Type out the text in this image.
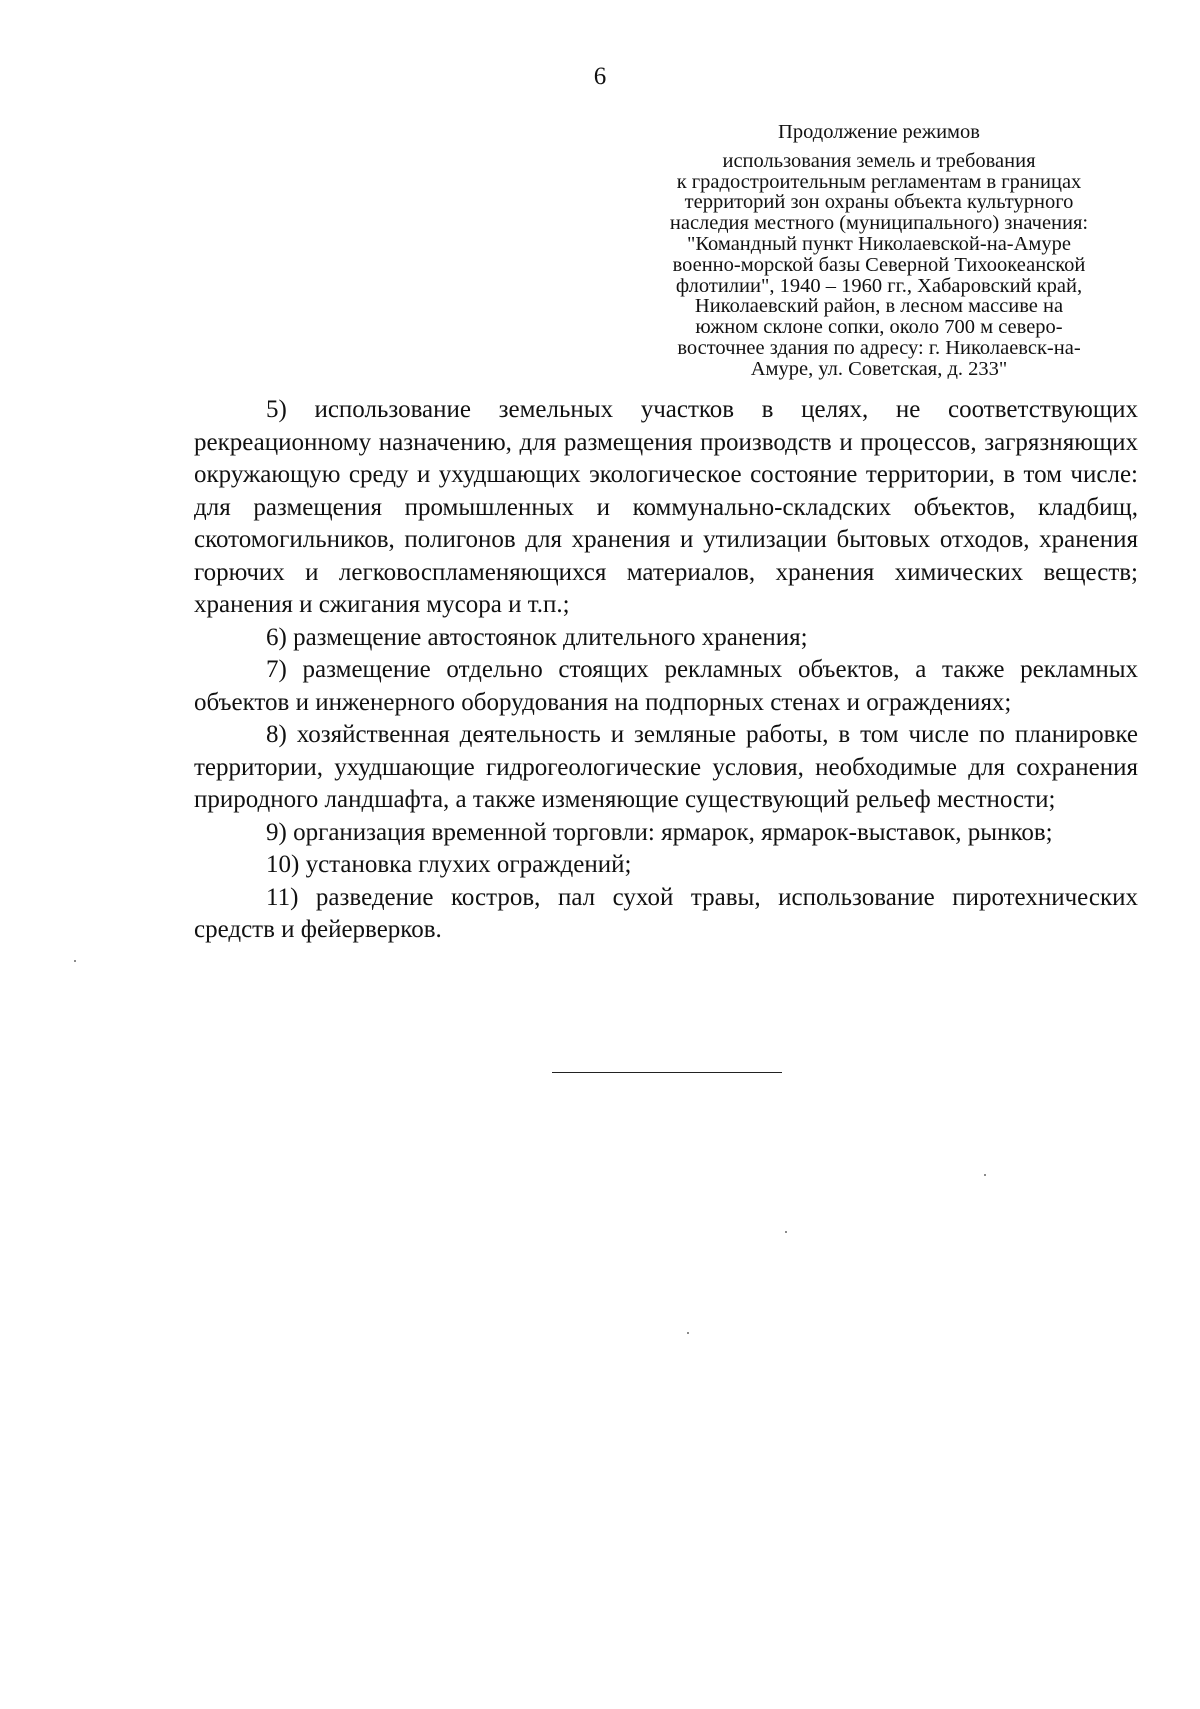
6
Продолжение режимов
использования земель и требования
к градостроительным регламентам в границах
территорий зон охраны объекта культурного
наследия местного (муниципального) значения:
"Командный пункт Николаевской-на-Амуре
военно-морской базы Северной Тихоокеанской
флотилии", 1940 – 1960 гг., Хабаровский край,
Николаевский район, в лесном массиве на
южном склоне сопки, около 700 м северо-
восточнее здания по адресу: г. Николаевск-на-
Амуре, ул. Советская, д. 233"

5) использование земельных участков в целях, не соответствующих рекреационному назначению, для размещения производств и процессов, загрязняющих окружающую среду и ухудшающих экологическое состояние территории, в том числе: для размещения промышленных и коммунально-складских объектов, кладбищ, скотомогильников, полигонов для хранения и утилизации бытовых отходов, хранения горючих и легковоспламеняющихся материалов, хранения химических веществ; хранения и сжигания мусора и т.п.;

6) размещение автостоянок длительного хранения;

7) размещение отдельно стоящих рекламных объектов, а также рекламных объектов и инженерного оборудования на подпорных стенах и ограждениях;

8) хозяйственная деятельность и земляные работы, в том числе по планировке территории, ухудшающие гидрогеологические условия, необходимые для сохранения природного ландшафта, а также изменяющие существующий рельеф местности;

9) организация временной торговли: ярмарок, ярмарок-выставок, рынков;

10) установка глухих ограждений;

11) разведение костров, пал сухой травы, использование пиротехнических средств и фейерверков.
